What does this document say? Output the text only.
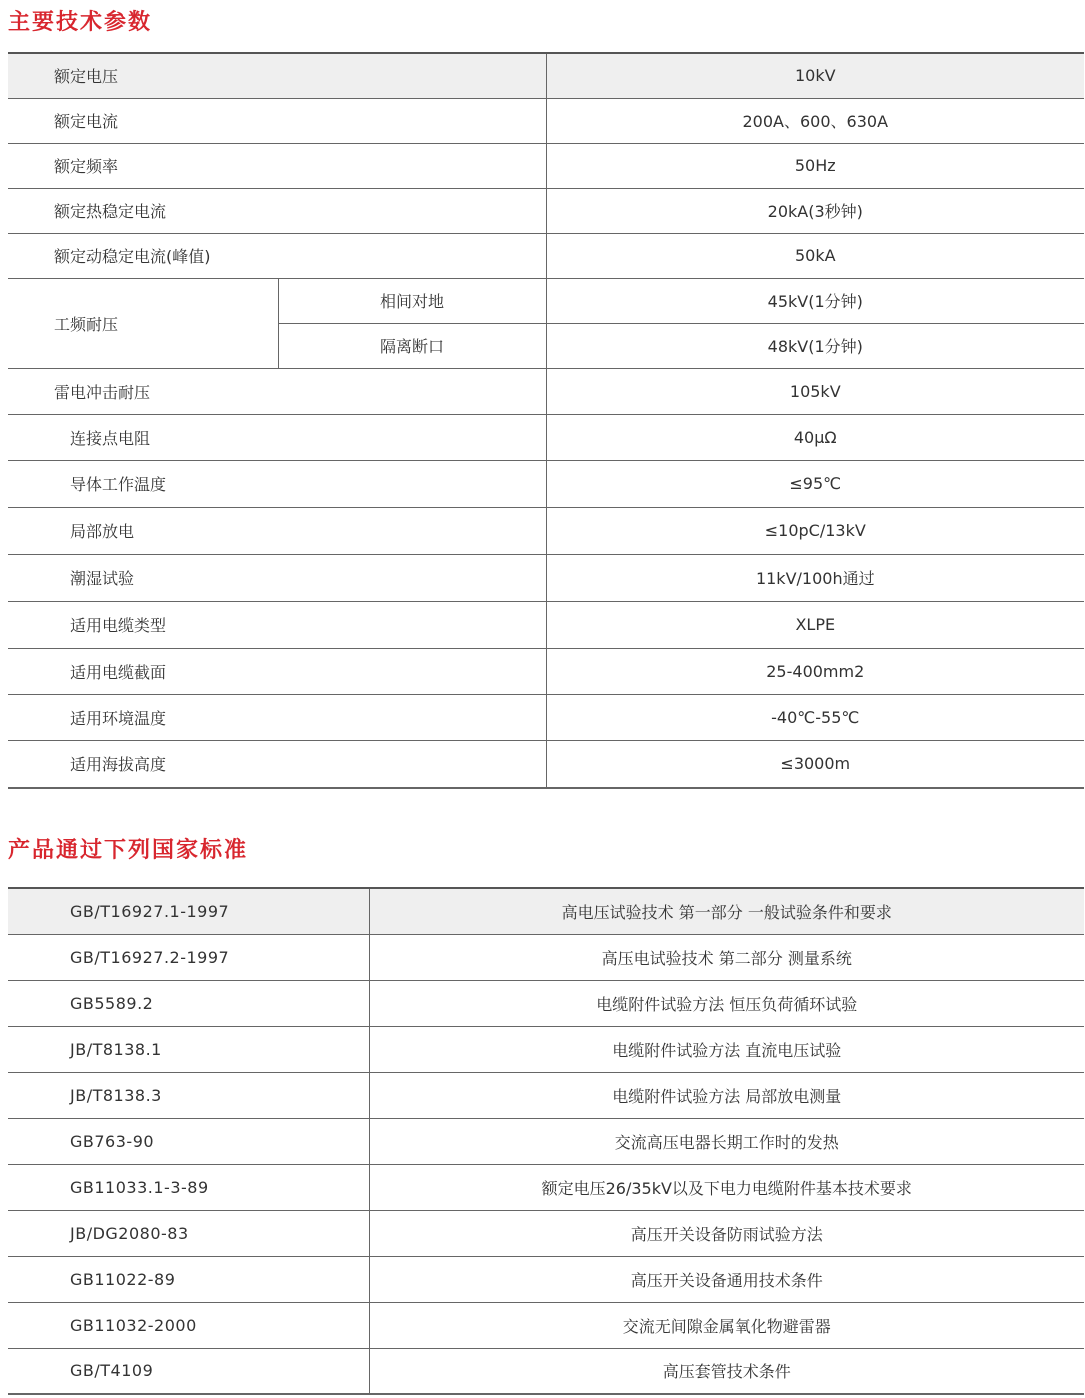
主要技术参数
额定电压		10kV
额定电流		200A、600、630A
额定频率		50Hz
额定热稳定电流		20kA(3秒钟)
额定动稳定电流(峰值)		50kA
工频耐压	相间对地	45kV(1分钟)
	隔离断口	48kV(1分钟)
雷电冲击耐压		105kV
连接点电阻		40μΩ
导体工作温度		≤95℃
局部放电		≤10pC/13kV
潮湿试验		11kV/100h通过
适用电缆类型		XLPE
适用电缆截面		25-400mm2
适用环境温度		-40℃-55℃
适用海拔高度		≤3000m
产品通过下列国家标准
GB/T16927.1-1997	高电压试验技术 第一部分 一般试验条件和要求
GB/T16927.2-1997	高压电试验技术 第二部分 测量系统
GB5589.2	电缆附件试验方法 恒压负荷循环试验
JB/T8138.1	电缆附件试验方法 直流电压试验
JB/T8138.3	电缆附件试验方法 局部放电测量
GB763-90	交流高压电器长期工作时的发热
GB11033.1-3-89	额定电压26/35kV以及下电力电缆附件基本技术要求
JB/DG2080-83	高压开关设备防雨试验方法
GB11022-89	高压开关设备通用技术条件
GB11032-2000	交流无间隙金属氧化物避雷器
GB/T4109	高压套管技术条件
